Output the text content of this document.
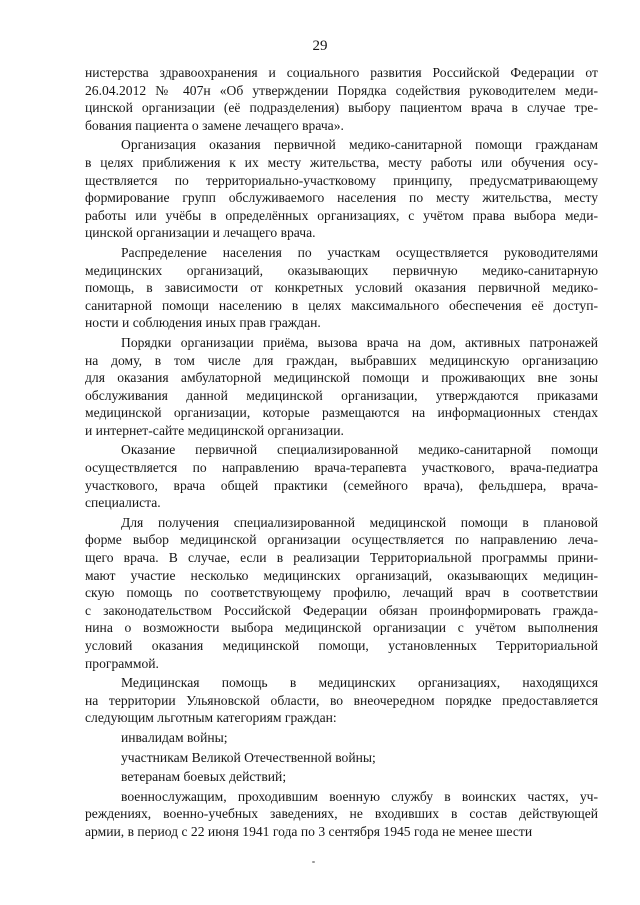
29
нистерства здравоохранения и социального развития Российской Федерации от
26.04.2012 № 407н «Об утверждении Порядка содействия руководителем меди-
цинской организации (её подразделения) выбору пациентом врача в случае тре-
бования пациента о замене лечащего врача».
Организация оказания первичной медико-санитарной помощи гражданам
в целях приближения к их месту жительства, месту работы или обучения осу-
ществляется по территориально-участковому принципу, предусматривающему
формирование групп обслуживаемого населения по месту жительства, месту
работы или учёбы в определённых организациях, с учётом права выбора меди-
цинской организации и лечащего врача.
Распределение населения по участкам осуществляется руководителями
медицинских организаций, оказывающих первичную медико-санитарную
помощь, в зависимости от конкретных условий оказания первичной медико-
санитарной помощи населению в целях максимального обеспечения её доступ-
ности и соблюдения иных прав граждан.
Порядки организации приёма, вызова врача на дом, активных патронажей
на дому, в том числе для граждан, выбравших медицинскую организацию
для оказания амбулаторной медицинской помощи и проживающих вне зоны
обслуживания данной медицинской организации, утверждаются приказами
медицинской организации, которые размещаются на информационных стендах
и интернет-сайте медицинской организации.
Оказание первичной специализированной медико-санитарной помощи
осуществляется по направлению врача-терапевта участкового, врача-педиатра
участкового, врача общей практики (семейного врача), фельдшера, врача-
специалиста.
Для получения специализированной медицинской помощи в плановой
форме выбор медицинской организации осуществляется по направлению леча-
щего врача. В случае, если в реализации Территориальной программы прини-
мают участие несколько медицинских организаций, оказывающих медицин-
скую помощь по соответствующему профилю, лечащий врач в соответствии
с законодательством Российской Федерации обязан проинформировать гражда-
нина о возможности выбора медицинской организации с учётом выполнения
условий оказания медицинской помощи, установленных Территориальной
программой.
Медицинская помощь в медицинских организациях, находящихся
на территории Ульяновской области, во внеочередном порядке предоставляется
следующим льготным категориям граждан:
инвалидам войны;
участникам Великой Отечественной войны;
ветеранам боевых действий;
военнослужащим, проходившим военную службу в воинских частях, уч-
реждениях, военно-учебных заведениях, не входивших в состав действующей
армии, в период с 22 июня 1941 года по 3 сентября 1945 года не менее шести
